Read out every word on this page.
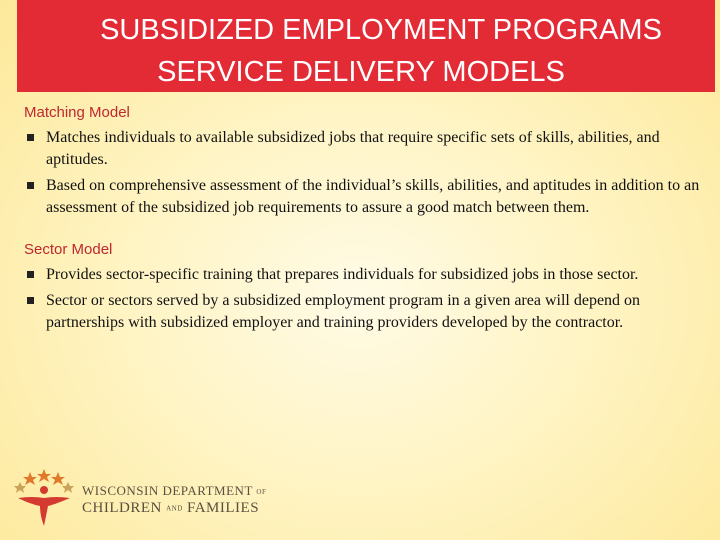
SUBSIDIZED EMPLOYMENT PROGRAMS
SERVICE DELIVERY MODELS
Matching Model
Matches individuals to available subsidized jobs that require specific sets of skills, abilities, and aptitudes.
Based on comprehensive assessment of the individual’s skills, abilities, and aptitudes in addition to an assessment of the subsidized job requirements to assure a good match between them.
Sector Model
Provides sector-specific training that prepares individuals for subsidized jobs in those sector.
Sector or sectors served by a subsidized employment program in a given area will depend on partnerships with subsidized employer and training providers developed by the contractor.
WISCONSIN DEPARTMENT OF
CHILDREN AND FAMILIES
